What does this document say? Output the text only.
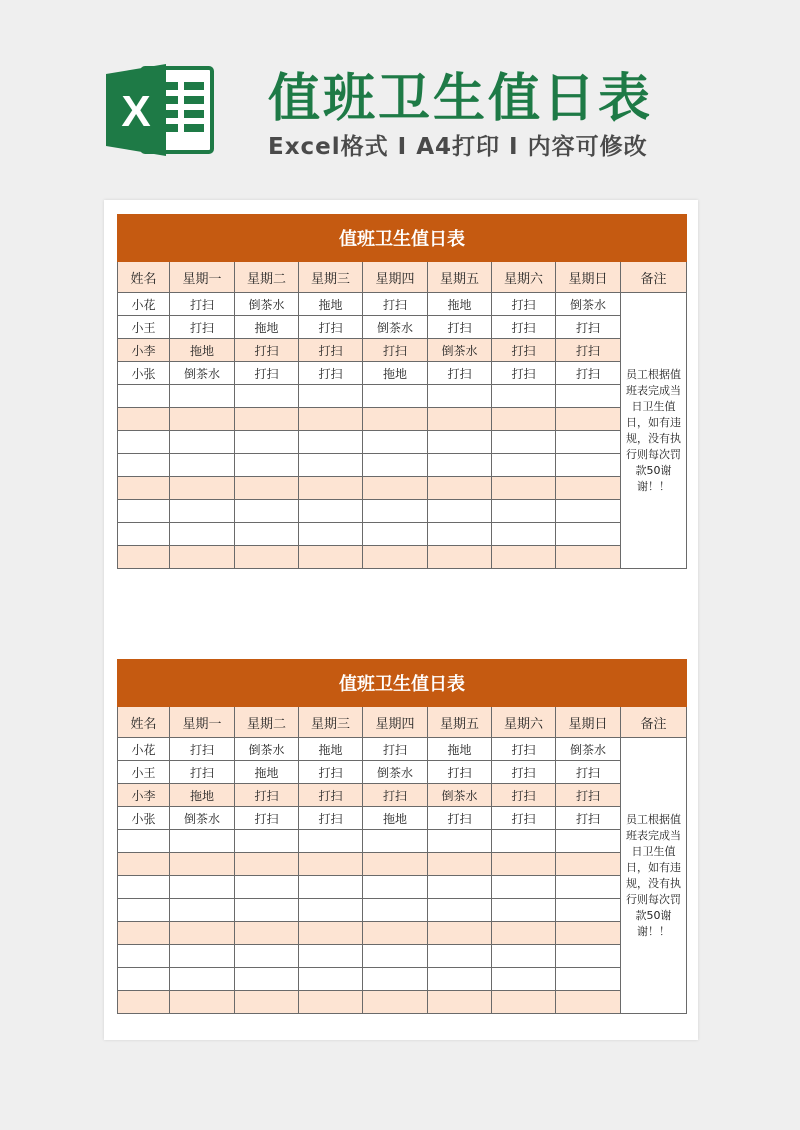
X 值班卫生值日表
Excel格式 I A4打印 I 内容可修改
值班卫生值日表								
姓名	星期一	星期二	星期三	星期四	星期五	星期六	星期日	备注
小花	打扫	倒茶水	拖地	打扫	拖地	打扫	倒茶水	员工根据值班表完成当日卫生值日，如有违规，没有执行则每次罚款50谢谢！！
小王	打扫	拖地	打扫	倒茶水	打扫	打扫	打扫	
小李	拖地	打扫	打扫	打扫	倒茶水	打扫	打扫	
小张	倒茶水	打扫	打扫	拖地	打扫	打扫	打扫	

值班卫生值日表								
姓名	星期一	星期二	星期三	星期四	星期五	星期六	星期日	备注
小花	打扫	倒茶水	拖地	打扫	拖地	打扫	倒茶水	员工根据值班表完成当日卫生值日，如有违规，没有执行则每次罚款50谢谢！！
小王	打扫	拖地	打扫	倒茶水	打扫	打扫	打扫	
小李	拖地	打扫	打扫	打扫	倒茶水	打扫	打扫	
小张	倒茶水	打扫	打扫	拖地	打扫	打扫	打扫	
